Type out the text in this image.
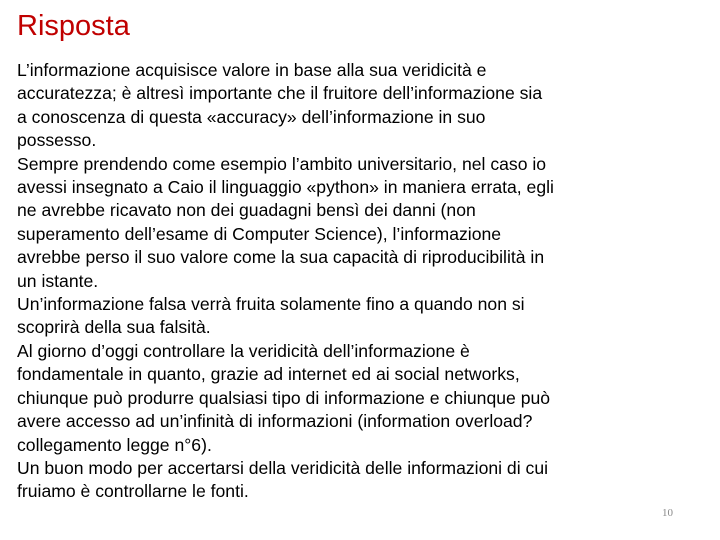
Risposta
L’informazione acquisisce valore in base alla sua veridicità e
accuratezza; è altresì importante che il fruitore dell’informazione sia
a conoscenza di questa «accuracy» dell’informazione in suo
possesso.
Sempre prendendo come esempio l’ambito universitario, nel caso io
avessi insegnato a Caio il linguaggio «python» in maniera errata, egli
ne avrebbe ricavato non dei guadagni bensì dei danni (non
superamento dell’esame di Computer Science), l’informazione
avrebbe perso il suo valore come la sua capacità di riproducibilità in
un istante.
Un’informazione falsa verrà fruita solamente fino a quando non si
scoprirà della sua falsità.
Al giorno d’oggi controllare la veridicità dell’informazione è
fondamentale in quanto, grazie ad internet ed ai social networks,
chiunque può produrre qualsiasi tipo di informazione e chiunque può
avere accesso ad un’infinità di informazioni (information overload?
collegamento legge n°6).
Un buon modo per accertarsi della veridicità delle informazioni di cui
fruiamo è controllarne le fonti.
10
